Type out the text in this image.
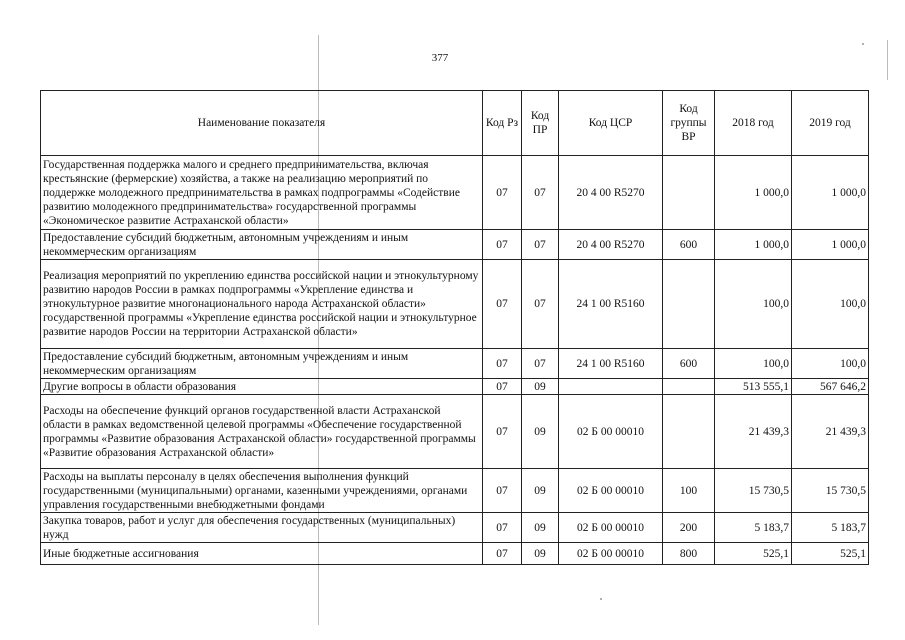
377
Наименование показателя	Код Рз	Код ПР	Код ЦСР	Код группы ВР	2018 год	2019 год
Государственная поддержка малого и среднего предпринимательства, включая крестьянские (фермерские) хозяйства, а также на реализацию мероприятий по поддержке молодежного предпринимательства в рамках подпрограммы «Содействие развитию молодежного предпринимательства» государственной программы «Экономическое развитие Астраханской области»	07	07	20 4 00 R5270		1 000,0	1 000,0
Предоставление субсидий бюджетным, автономным учреждениям и иным некоммерческим организациям	07	07	20 4 00 R5270	600	1 000,0	1 000,0
Реализация мероприятий по укреплению единства российской нации и этнокультурному развитию народов России в рамках подпрограммы «Укрепление единства и этнокультурное развитие многонационального народа Астраханской области» государственной программы «Укрепление единства российской нации и этнокультурное развитие народов России на территории Астраханской области»	07	07	24 1 00 R5160		100,0	100,0
Предоставление субсидий бюджетным, автономным учреждениям и иным некоммерческим организациям	07	07	24 1 00 R5160	600	100,0	100,0
Другие вопросы в области образования	07	09			513 555,1	567 646,2
Расходы на обеспечение функций органов государственной власти Астраханской области в рамках ведомственной целевой программы «Обеспечение государственной программы «Развитие образования Астраханской области» государственной программы «Развитие образования Астраханской области»	07	09	02 Б 00 00010		21 439,3	21 439,3
Расходы на выплаты персоналу в целях обеспечения выполнения функций государственными (муниципальными) органами, казенными учреждениями, органами управления государственными внебюджетными фондами	07	09	02 Б 00 00010	100	15 730,5	15 730,5
Закупка товаров, работ и услуг для обеспечения государственных (муниципальных) нужд	07	09	02 Б 00 00010	200	5 183,7	5 183,7
Иные бюджетные ассигнования	07	09	02 Б 00 00010	800	525,1	525,1
